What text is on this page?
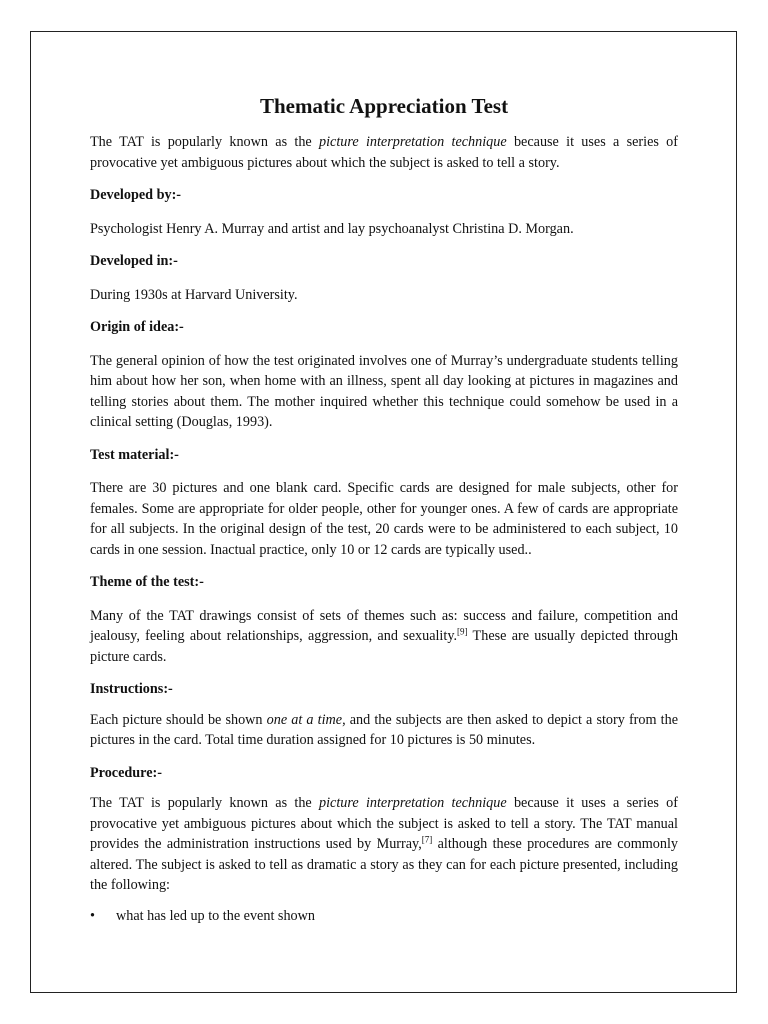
Thematic Appreciation Test

The TAT is popularly known as the picture interpretation technique because it uses a series of provocative yet ambiguous pictures about which the subject is asked to tell a story.

Developed by:-

Psychologist Henry A. Murray and artist and lay psychoanalyst Christina D. Morgan.

Developed in:-

During 1930s at Harvard University.

Origin of idea:-

The general opinion of how the test originated involves one of Murray’s undergraduate students telling him about how her son, when home with an illness, spent all day looking at pictures in magazines and telling stories about them. The mother inquired whether this technique could somehow be used in a clinical setting (Douglas, 1993).

Test material:-

There are 30 pictures and one blank card. Specific cards are designed for male subjects, other for females. Some are appropriate for older people, other for younger ones. A few of cards are appropriate for all subjects. In the original design of the test, 20 cards were to be administered to each subject, 10 cards in one session. Inactual practice, only 10 or 12 cards are typically used..

Theme of the test:-

Many of the TAT drawings consist of sets of themes such as: success and failure, competition and jealousy, feeling about relationships, aggression, and sexuality.[9] These are usually depicted through picture cards.

Instructions:-

Each picture should be shown one at a time, and the subjects are then asked to depict a story from the pictures in the card. Total time duration assigned for 10 pictures is 50 minutes.

Procedure:-

The TAT is popularly known as the picture interpretation technique because it uses a series of provocative yet ambiguous pictures about which the subject is asked to tell a story. The TAT manual provides the administration instructions used by Murray,[7] although these procedures are commonly altered. The subject is asked to tell as dramatic a story as they can for each picture presented, including the following:

• what has led up to the event shown
